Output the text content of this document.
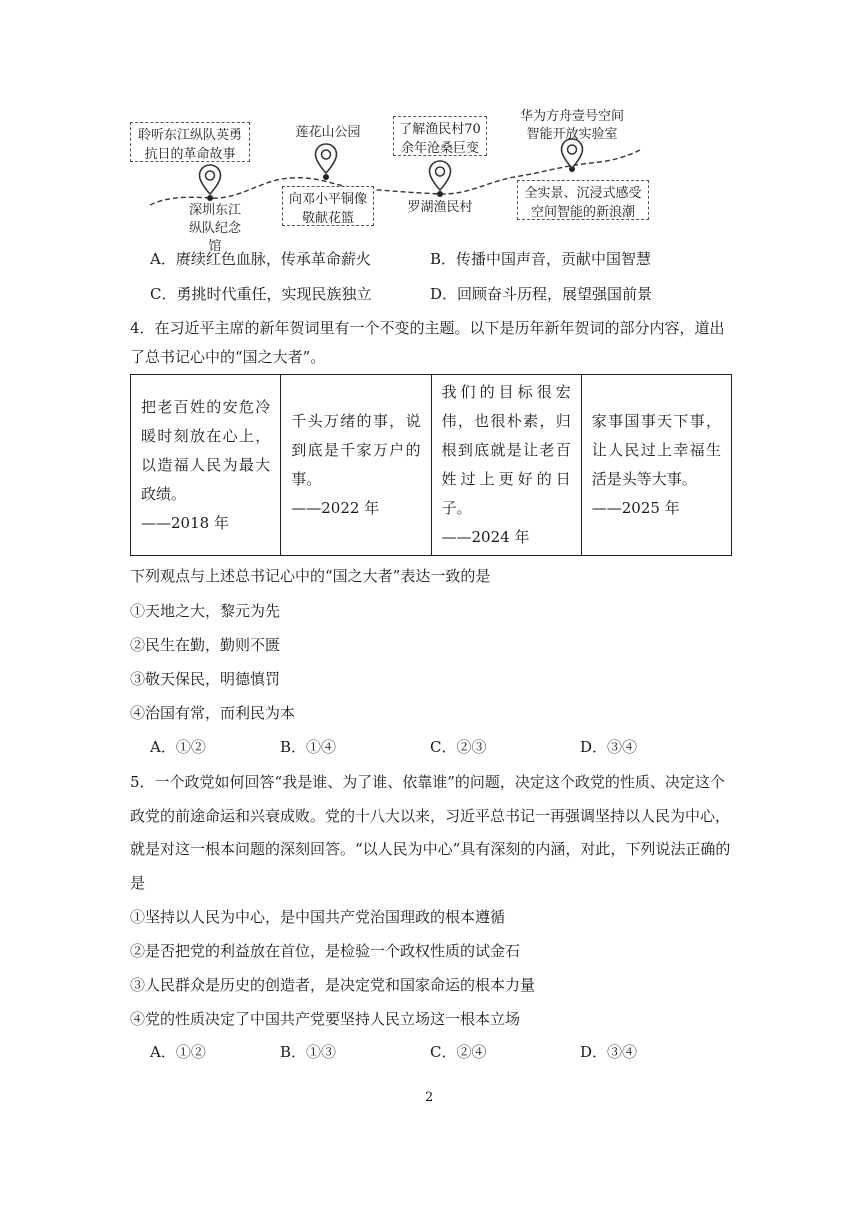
聆听东江纵队英勇抗日的革命故事
深圳东江纵队纪念馆
莲花山公园
向邓小平铜像敬献花篮
了解渔民村70余年沧桑巨变
罗湖渔民村
华为方舟壹号空间智能开放实验室
全实景、沉浸式感受空间智能的新浪潮
A．赓续红色血脉，传承革命薪火	B．传播中国声音，贡献中国智慧
C．勇挑时代重任，实现民族独立	D．回顾奋斗历程，展望强国前景
4．在习近平主席的新年贺词里有一个不变的主题。以下是历年新年贺词的部分内容，道出
了总书记心中的“国之大者”。
把老百姓的安危冷暖时刻放在心上，以造福人民为最大政绩。
——2018 年
	千头万绪的事，说到底是千家万户的事。
——2022 年
	我们的目标很宏伟，也很朴素，归根到底就是让老百姓过上更好的日子。
——2024 年
	家事国事天下事，让人民过上幸福生活是头等大事。
——2025 年
下列观点与上述总书记心中的“国之大者”表达一致的是
①天地之大，黎元为先
②民生在勤，勤则不匮
③敬天保民，明德慎罚
④治国有常，而利民为本
A．①②	B．①④	C．②③	D．③④
5．一个政党如何回答“我是谁、为了谁、依靠谁”的问题，决定这个政党的性质、决定这个
政党的前途命运和兴衰成败。党的十八大以来，习近平总书记一再强调坚持以人民为中心，
就是对这一根本问题的深刻回答。“以人民为中心”具有深刻的内涵，对此，下列说法正确的
是
①坚持以人民为中心，是中国共产党治国理政的根本遵循
②是否把党的利益放在首位，是检验一个政权性质的试金石
③人民群众是历史的创造者，是决定党和国家命运的根本力量
④党的性质决定了中国共产党要坚持人民立场这一根本立场
A．①②	B．①③	C．②④	D．③④
2
